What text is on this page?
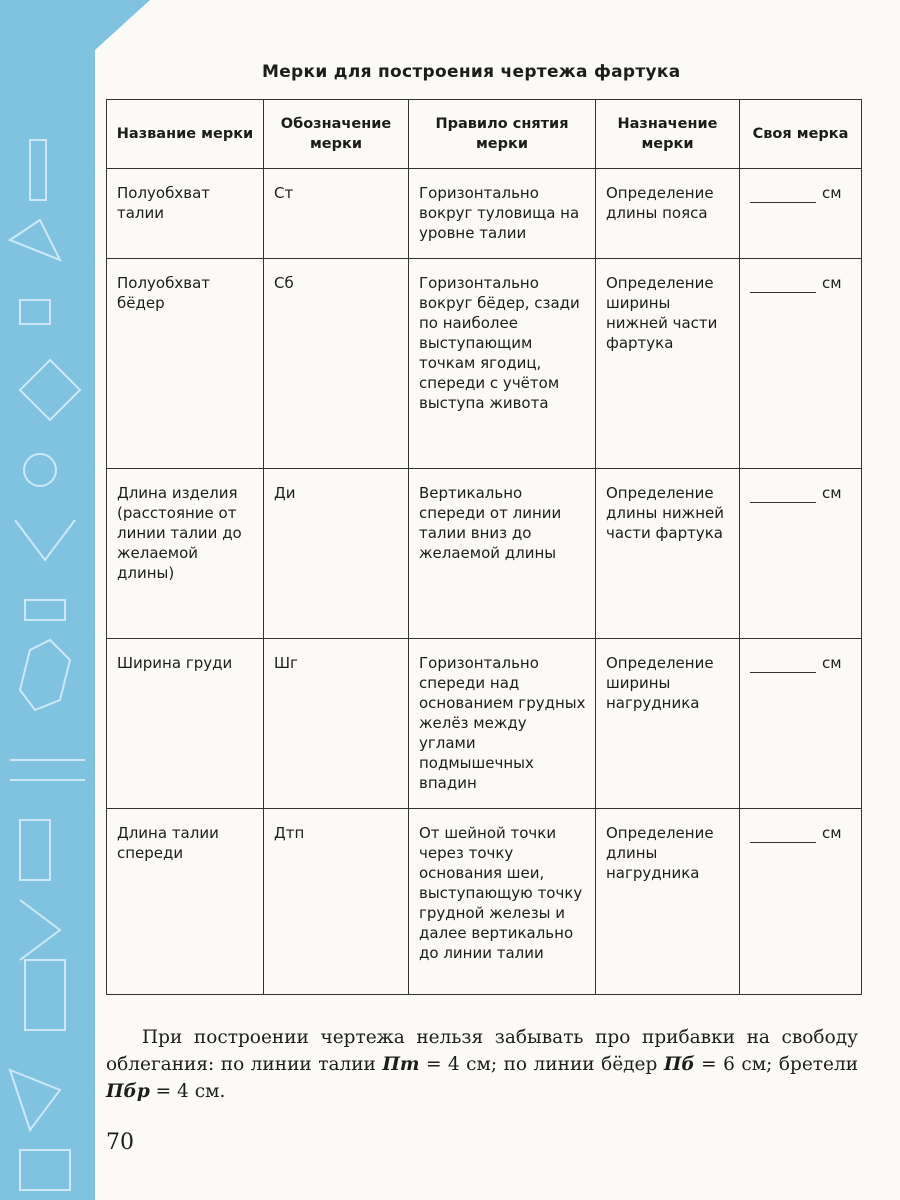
Мерки для построения чертежа фартука
Название мерки	Обозначение мерки	Правило снятия мерки	Назначение мерки	Своя мерка
Полуобхват талии	Ст	Горизонтально вокруг туловища на уровне талии	Определение длины пояса	см
Полуобхват бёдер	Сб	Горизонтально вокруг бёдер, сзади по наиболее выступающим точкам ягодиц, спереди с учётом выступа живота	Определение ширины нижней части фартука	см
Длина изделия (расстояние от линии талии до желаемой длины)	Ди	Вертикально спереди от линии талии вниз до желаемой длины	Определение длины нижней части фартука	см
Ширина груди	Шг	Горизонтально спереди над основанием грудных желёз между углами подмышечных впадин	Определение ширины нагрудника	см
Длина талии спереди	Дтп	От шейной точки через точку основания шеи, выступающую точку грудной железы и далее вертикально до линии талии	Определение длины нагрудника	см

При построении чертежа нельзя забывать про прибавки на свободу облегания: по линии талии Пт = 4 см; по линии бёдер Пб = 6 см; бретели Пбр = 4 см.

70
